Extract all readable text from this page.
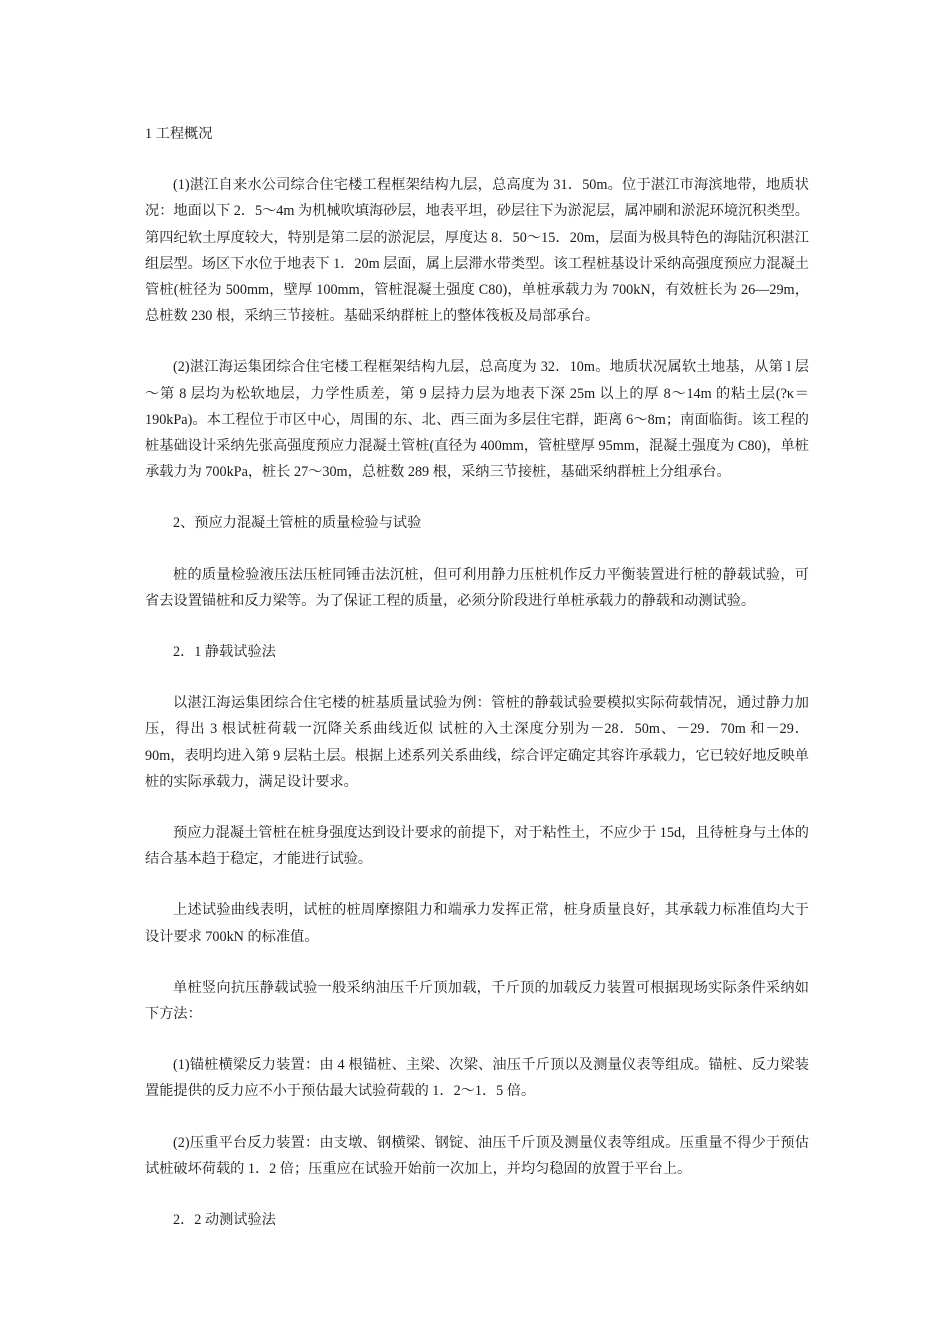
1 工程概况

(1)湛江自来水公司综合住宅楼工程框架结构九层，总高度为 31．50m。位于湛江市海滨地带，地质状况：地面以下 2．5～4m 为机械吹填海砂层，地表平坦，砂层往下为淤泥层，属冲刷和淤泥环境沉积类型。第四纪软土厚度较大，特别是第二层的淤泥层，厚度达 8．50～15．20m，层面为极具特色的海陆沉积湛江组层型。场区下水位于地表下 1．20m 层面，属上层滞水带类型。该工程桩基设计采纳高强度预应力混凝土管桩(桩径为 500mm，壁厚 100mm，管桩混凝土强度 C80)，单桩承载力为 700kN，有效桩长为 26—29m，总桩数 230 根，采纳三节接桩。基础采纳群桩上的整体筏板及局部承台。

(2)湛江海运集团综合住宅楼工程框架结构九层，总高度为 32．10m。地质状况属软土地基，从第 l 层～第 8 层均为松软地层，力学性质差，第 9 层持力层为地表下深 25m 以上的厚 8～14m 的粘土层(?κ＝190kPa)。本工程位于市区中心，周围的东、北、西三面为多层住宅群，距离 6～8m；南面临街。该工程的桩基础设计采纳先张高强度预应力混凝土管桩(直径为 400mm，管桩壁厚 95mm，混凝土强度为 C80)，单桩承载力为 700kPa，桩长 27～30m，总桩数 289 根，采纳三节接桩，基础采纳群桩上分组承台。

2、预应力混凝土管桩的质量检验与试验

桩的质量检验液压法压桩同锤击法沉桩，但可利用静力压桩机作反力平衡装置进行桩的静载试验，可省去设置锚桩和反力梁等。为了保证工程的质量，必须分阶段进行单桩承载力的静载和动测试验。

2．1 静载试验法

以湛江海运集团综合住宅楼的桩基质量试验为例：管桩的静载试验要模拟实际荷载情况，通过静力加压，得出 3 根试桩荷载一沉降关系曲线近似 试桩的入土深度分别为－28．50m、－29．70m 和－29．90m，表明均进入第 9 层粘土层。根据上述系列关系曲线，综合评定确定其容许承载力，它已较好地反映单桩的实际承载力，满足设计要求。

预应力混凝土管桩在桩身强度达到设计要求的前提下，对于粘性土，不应少于 15d，且待桩身与土体的结合基本趋于稳定，才能进行试验。

上述试验曲线表明，试桩的桩周摩擦阻力和端承力发挥正常，桩身质量良好，其承载力标准值均大于设计要求 700kN 的标准值。

单桩竖向抗压静载试验一般采纳油压千斤顶加载，千斤顶的加载反力装置可根据现场实际条件采纳如下方法：

(1)锚桩横梁反力装置：由 4 根锚桩、主梁、次梁、油压千斤顶以及测量仪表等组成。锚桩、反力梁装置能提供的反力应不小于预估最大试验荷载的 1．2～1．5 倍。

(2)压重平台反力装置：由支墩、钢横梁、钢锭、油压千斤顶及测量仪表等组成。压重量不得少于预估试桩破坏荷载的 1．2 倍；压重应在试验开始前一次加上，并均匀稳固的放置于平台上。

2．2 动测试验法
